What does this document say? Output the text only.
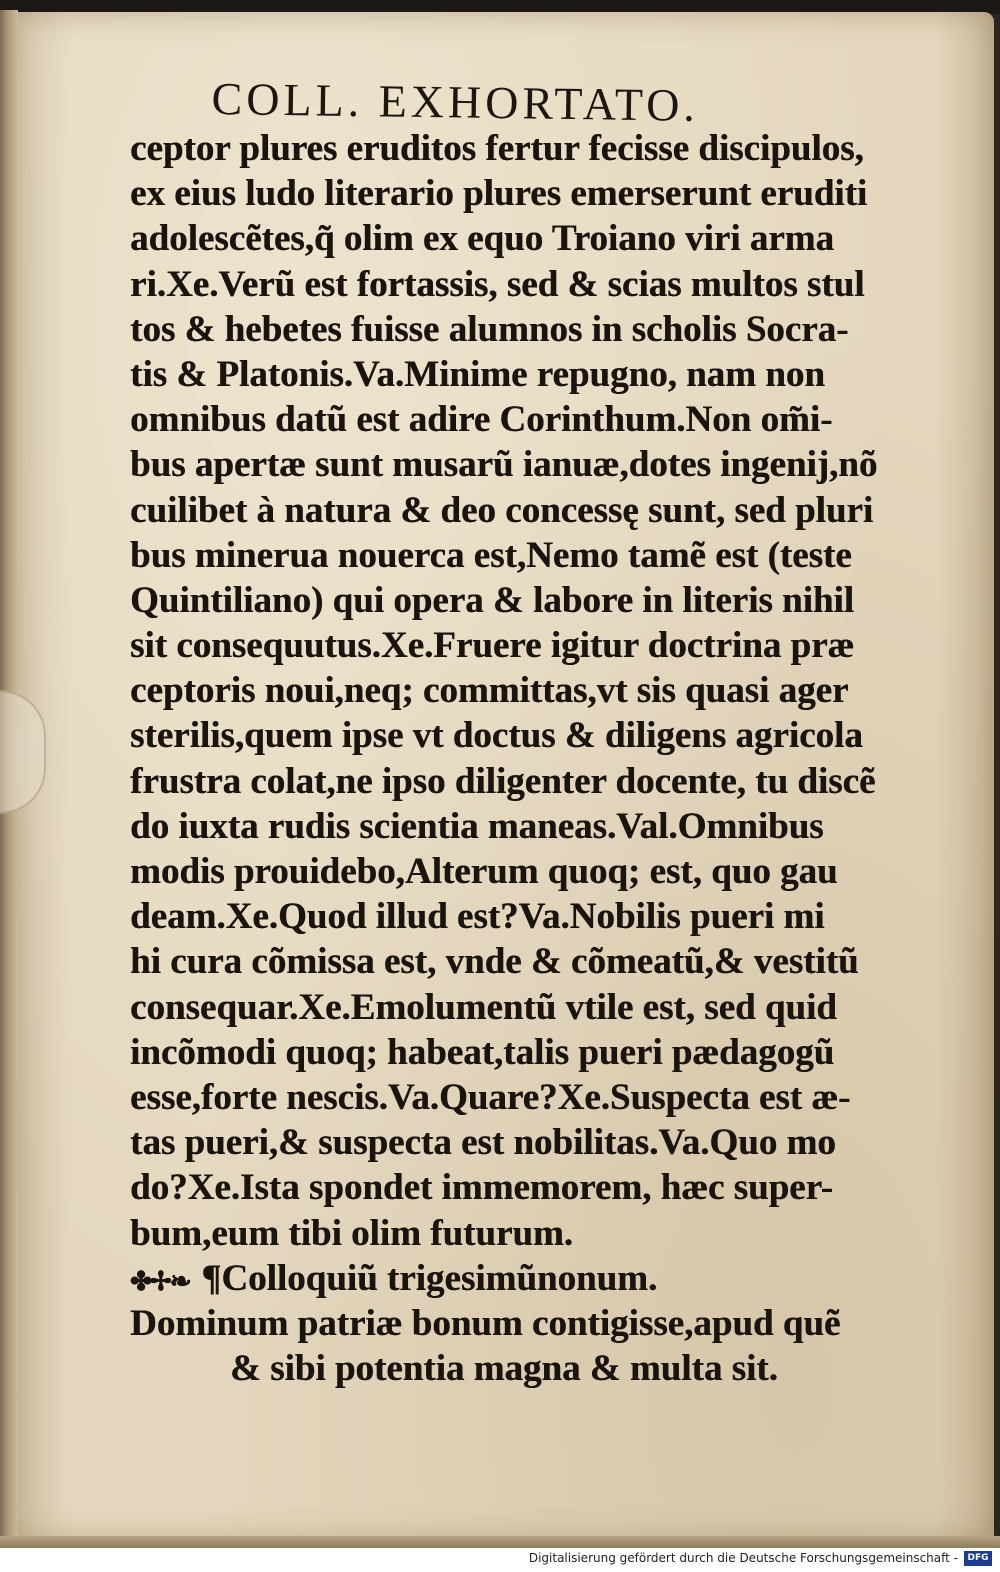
COLL. EXHORTATO.
ceptor plures eruditos fertur fecisse discipulos,
ex eius ludo literario plures emerserunt eruditi
adolescẽtes,q̃ olim ex equo Troiano viri arma
ri.Xe.Verũ est fortassis, sed & scias multos stul
tos & hebetes fuisse alumnos in scholis Socra-
tis & Platonis.Va.Minime repugno, nam non
omnibus datũ est adire Corinthum.Non om̃i-
bus apertæ sunt musarũ ianuæ,dotes ingenij,nõ
cuilibet à natura & deo concessę sunt, sed pluri
bus minerua nouerca est,Nemo tamẽ est (teste
Quintiliano) qui opera & labore in literis nihil
sit consequutus.Xe.Fruere igitur doctrina præ
ceptoris noui,neq; committas,vt sis quasi ager
sterilis,quem ipse vt doctus & diligens agricola
frustra colat,ne ipso diligenter docente, tu discẽ
do iuxta rudis scientia maneas.Val.Omnibus
modis prouidebo,Alterum quoq; est, quo gau
deam.Xe.Quod illud est?Va.Nobilis pueri mi
hi cura cõmissa est, vnde & cõmeatũ,& vestitũ
consequar.Xe.Emolumentũ vtile est, sed quid
incõmodi quoq; habeat,talis pueri pædagogũ
esse,forte nescis.Va.Quare?Xe.Suspecta est æ-
tas pueri,& suspecta est nobilitas.Va.Quo mo
do?Xe.Ista spondet immemorem, hæc super-
bum,eum tibi olim futurum.
✤✢❧ ¶Colloquiũ trigesimũnonum.
Dominum patriæ bonum contigisse,apud quẽ
& sibi potentia magna & multa sit.
Digitalisierung gefördert durch die Deutsche Forschungsgemeinschaft -	DFG
